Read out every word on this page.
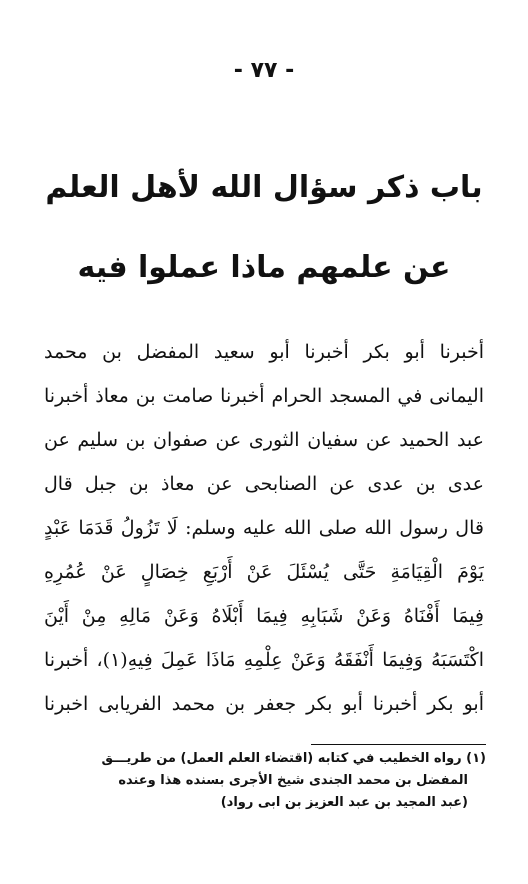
- ٧٧ -
باب ذكر سؤال الله لأهل العلم
عن علمهم ماذا عملوا فيه
أخبرنا أبو بكر أخبرنا أبو سعيد المفضل بن محمد
اليمانى في المسجد الحرام أخبرنا صامت بن معاذ أخبرنا
عبد الحميد عن سفيان الثورى عن صفوان بن سليم عن
عدى بن عدى عن الصنابحى عن معاذ بن جبل قال
قال رسول الله صلى الله عليه وسلم: لَا تَزُولُ قَدَمَا عَبْدٍ
يَوْمَ الْقِيَامَةِ حَتَّى يُسْئَلَ عَنْ أَرْبَعِ خِصَالٍ عَنْ عُمُرِهِ
فِيمَا أَفْنَاهُ وَعَنْ شَبَابِهِ فِيمَا أَبْلَاهُ وَعَنْ مَالِهِ مِنْ أَيْنَ
اكْتَسَبَهُ وَفِيمَا أَنْفَقَهُ وَعَنْ عِلْمِهِ مَاذَا عَمِلَ فِيهِ(١)، أخبرنا
أبو بكر أخبرنا أبو بكر جعفر بن محمد الفريابى اخبرنا
(١) رواه الخطيب في كتابه (اقتضاء العلم العمل) من طريـــق
المفضل بن محمد الجندى شيخ الأجرى بسنده هذا وعنده
(عبد المجيد بن عبد العزيز بن ابى رواد)
